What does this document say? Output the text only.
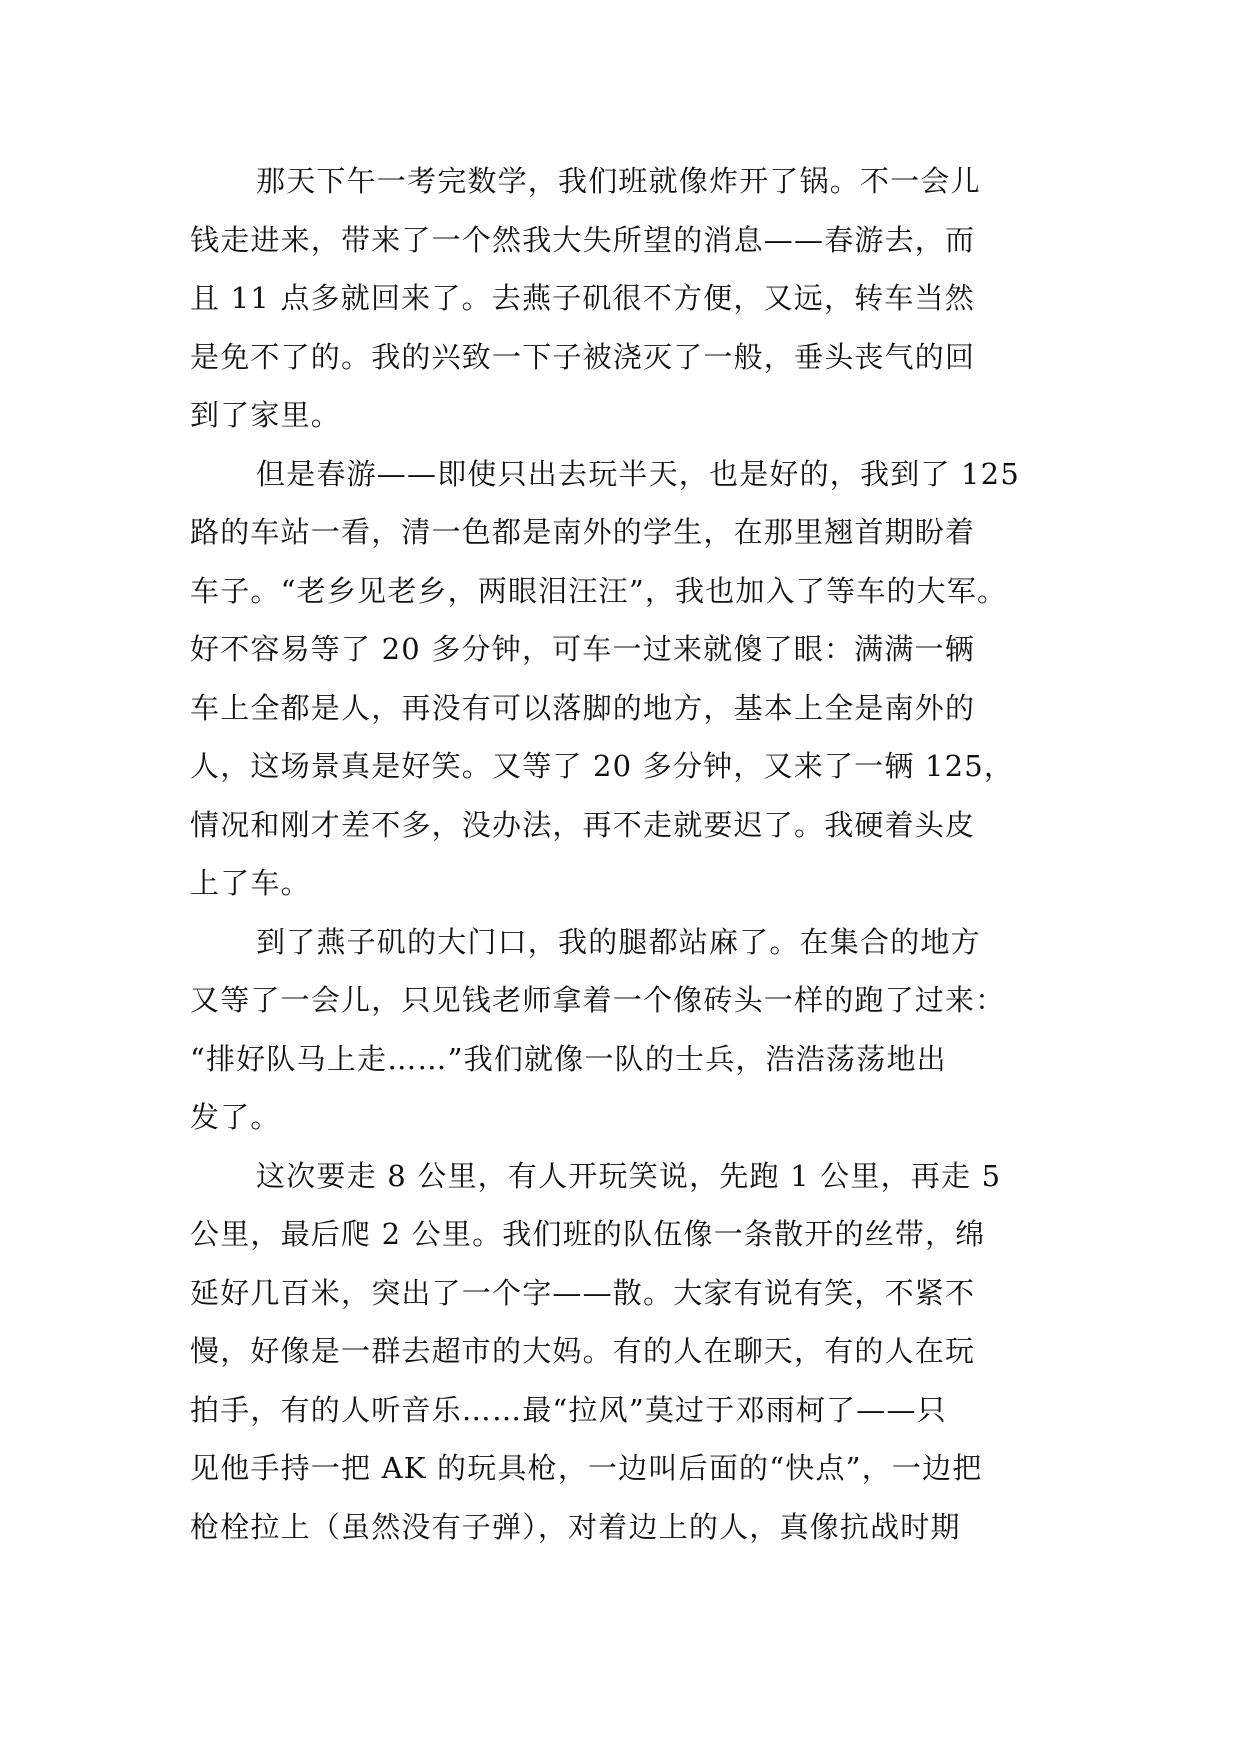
那天下午一考完数学，我们班就像炸开了锅。不一会儿
钱走进来，带来了一个然我大失所望的消息——春游去，而
且 11 点多就回来了。去燕子矶很不方便，又远，转车当然
是免不了的。我的兴致一下子被浇灭了一般，垂头丧气的回
到了家里。

但是春游——即使只出去玩半天，也是好的，我到了 125
路的车站一看，清一色都是南外的学生，在那里翘首期盼着
车子。“老乡见老乡，两眼泪汪汪”，我也加入了等车的大军。
好不容易等了 20 多分钟，可车一过来就傻了眼：满满一辆
车上全都是人，再没有可以落脚的地方，基本上全是南外的
人，这场景真是好笑。又等了 20 多分钟，又来了一辆 125，
情况和刚才差不多，没办法，再不走就要迟了。我硬着头皮
上了车。

到了燕子矶的大门口，我的腿都站麻了。在集合的地方
又等了一会儿，只见钱老师拿着一个像砖头一样的跑了过来：
“排好队马上走……”我们就像一队的士兵，浩浩荡荡地出
发了。

这次要走 8 公里，有人开玩笑说，先跑 1 公里，再走 5
公里，最后爬 2 公里。我们班的队伍像一条散开的丝带，绵
延好几百米，突出了一个字——散。大家有说有笑，不紧不
慢，好像是一群去超市的大妈。有的人在聊天，有的人在玩
拍手，有的人听音乐……最“拉风”莫过于邓雨柯了——只
见他手持一把 AK 的玩具枪，一边叫后面的“快点”，一边把
枪栓拉上（虽然没有子弹），对着边上的人，真像抗战时期
